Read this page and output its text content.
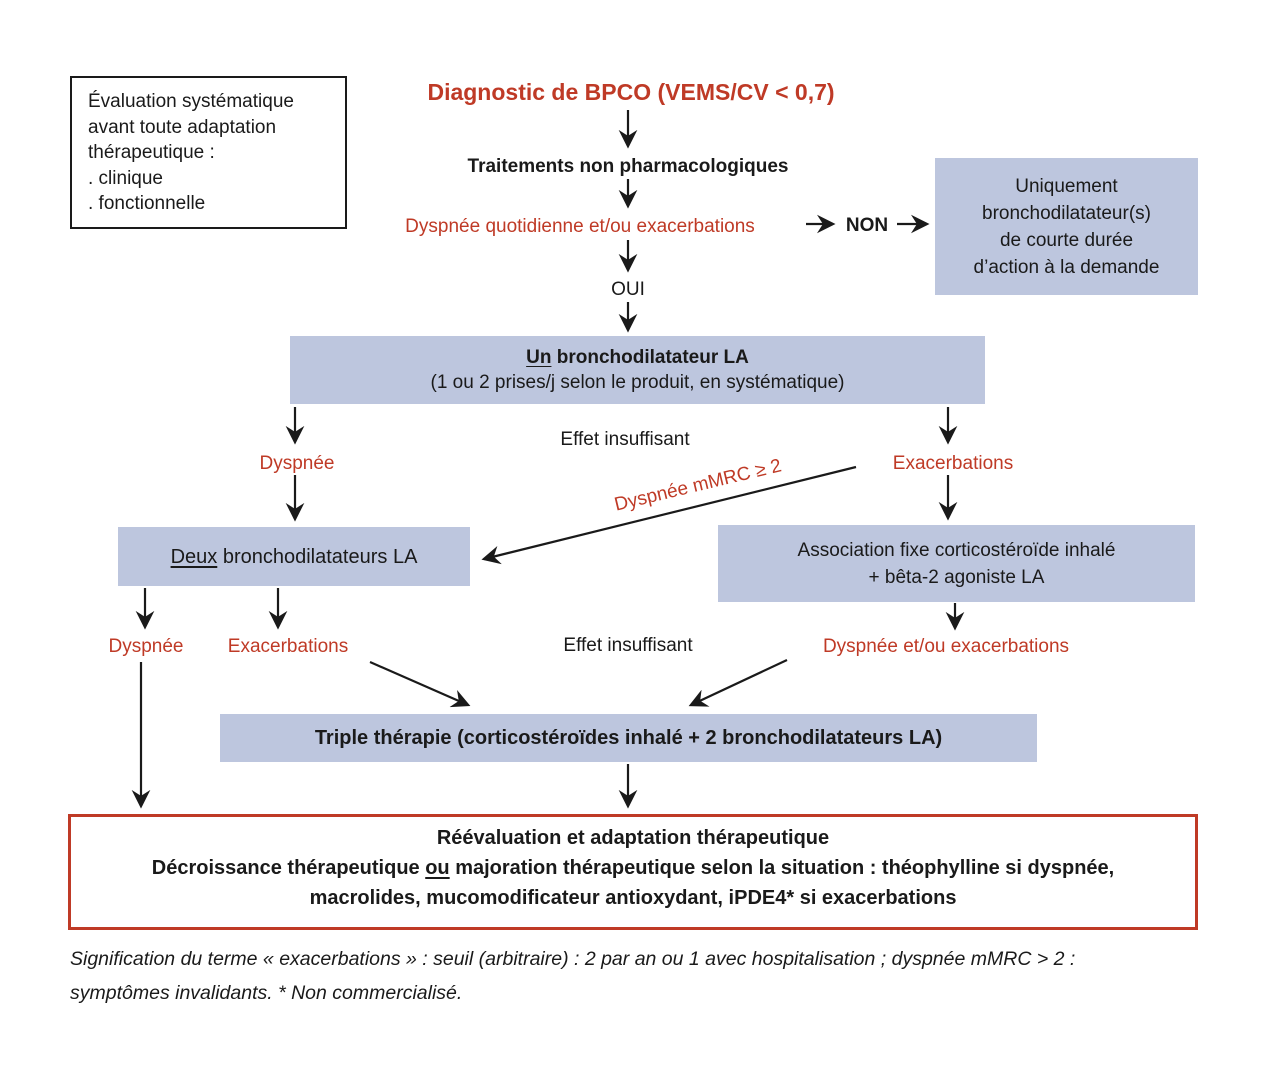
Évaluation systématique
avant toute adaptation
thérapeutique :
. clinique
. fonctionnelle
Diagnostic de BPCO (VEMS/CV < 0,7)
Traitements non pharmacologiques
Dyspnée quotidienne et/ou exacerbations	NON
Uniquement
bronchodilatateur(s)
de courte durée
d’action à la demande
OUI
Un bronchodilatateur LA
(1 ou 2 prises/j selon le produit, en systématique)
Effet insuffisant
Dyspnée	Exacerbations
Dyspnée mMRC ≥ 2
Deux bronchodilatateurs LA	Association fixe corticostéroïde inhalé
+ bêta-2 agoniste LA
Dyspnée	Exacerbations	Effet insuffisant	Dyspnée et/ou exacerbations
Triple thérapie (corticostéroïdes inhalé + 2 bronchodilatateurs LA)
Réévaluation et adaptation thérapeutique
Décroissance thérapeutique ou majoration thérapeutique selon la situation : théophylline si dyspnée,
macrolides, mucomodificateur antioxydant, iPDE4* si exacerbations
Signification du terme « exacerbations » : seuil (arbitraire) : 2 par an ou 1 avec hospitalisation ; dyspnée mMRC > 2 :
symptômes invalidants. * Non commercialisé.
